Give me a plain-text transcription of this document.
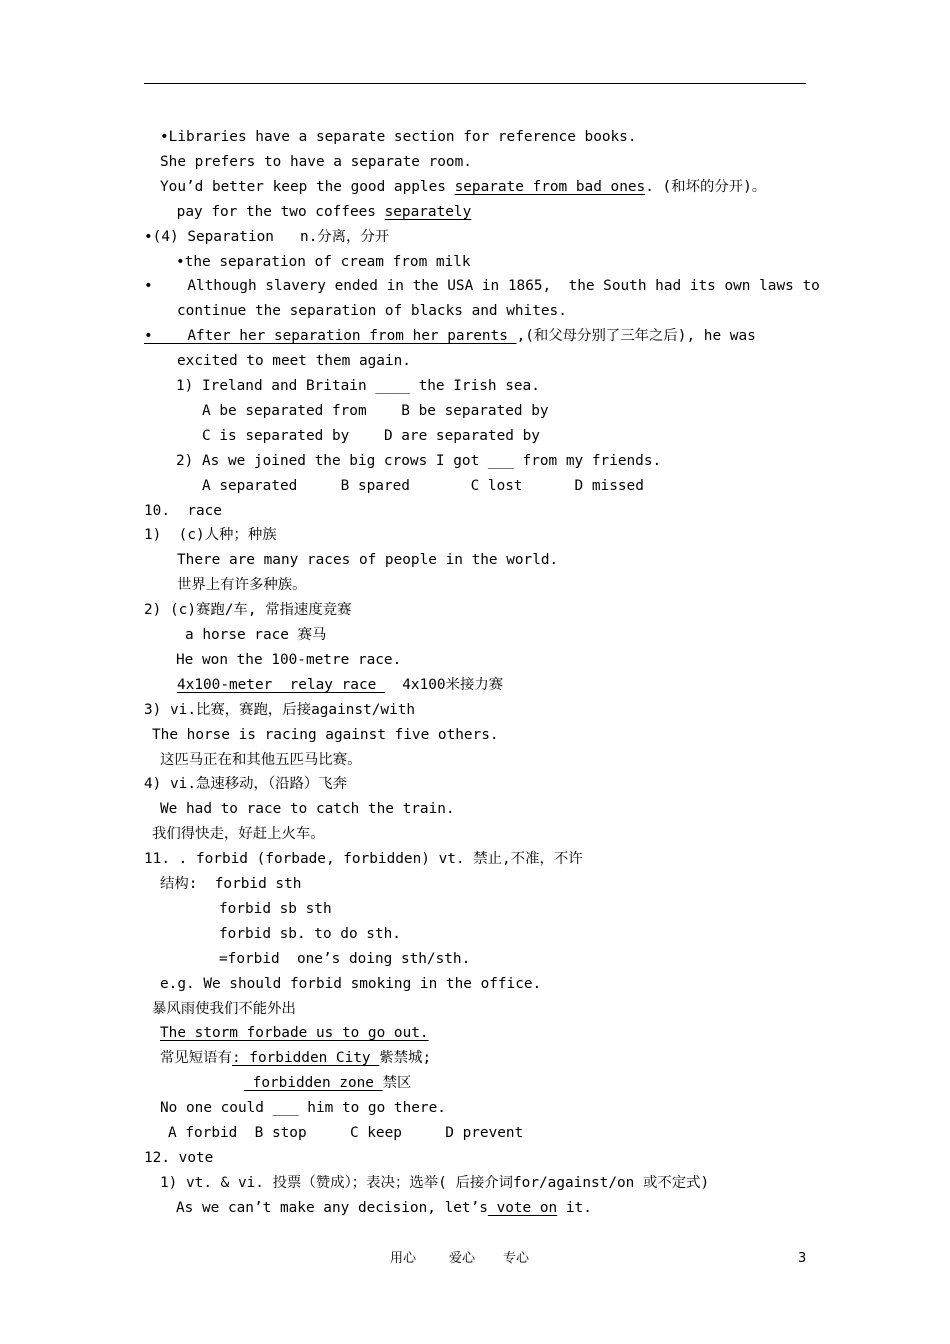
•Libraries have a separate section for reference books.
She prefers to have a separate room.
You’d better keep the good apples separate from bad ones. (和坏的分开)。
pay for the two coffees separately
•(4) Separation   n.分离，分开
•the separation of cream from milk
•    Although slavery ended in the USA in 1865,  the South had its own laws to
continue the separation of blacks and whites.
•    After her separation from her parents ,(和父母分别了三年之后), he was
excited to meet them again.
1) Ireland and Britain ____ the Irish sea.
A be separated from    B be separated by
C is separated by    D are separated by
2) As we joined the big crows I got ___ from my friends.
A separated     B spared       C lost      D missed
10.  race
1)  (c)人种；种族
There are many races of people in the world.
世界上有许多种族。
2) (c)赛跑/车, 常指速度竞赛
a horse race 赛马
He won the 100-metre race.
4x100-meter  relay race   4x100米接力赛
3) vi.比赛，赛跑，后接against/with
The horse is racing against five others.
这匹马正在和其他五匹马比赛。
4) vi.急速移动，（沿路）飞奔
We had to race to catch the train.
我们得快走，好赶上火车。
11. . forbid (forbade, forbidden) vt. 禁止,不准，不许
结构:  forbid sth
forbid sb sth
forbid sb. to do sth.
=forbid  one’s doing sth/sth.
e.g. We should forbid smoking in the office.
暴风雨使我们不能外出
The storm forbade us to go out.
常见短语有: forbidden City 紫禁城;
forbidden zone 禁区
No one could ___ him to go there.
A forbid  B stop     C keep     D prevent
12. vote
1) vt. & vi. 投票（赞成）；表决；选举( 后接介词for/against/on 或不定式)
As we can’t make any decision, let’s vote on it.
用心	爱心 专心	3
